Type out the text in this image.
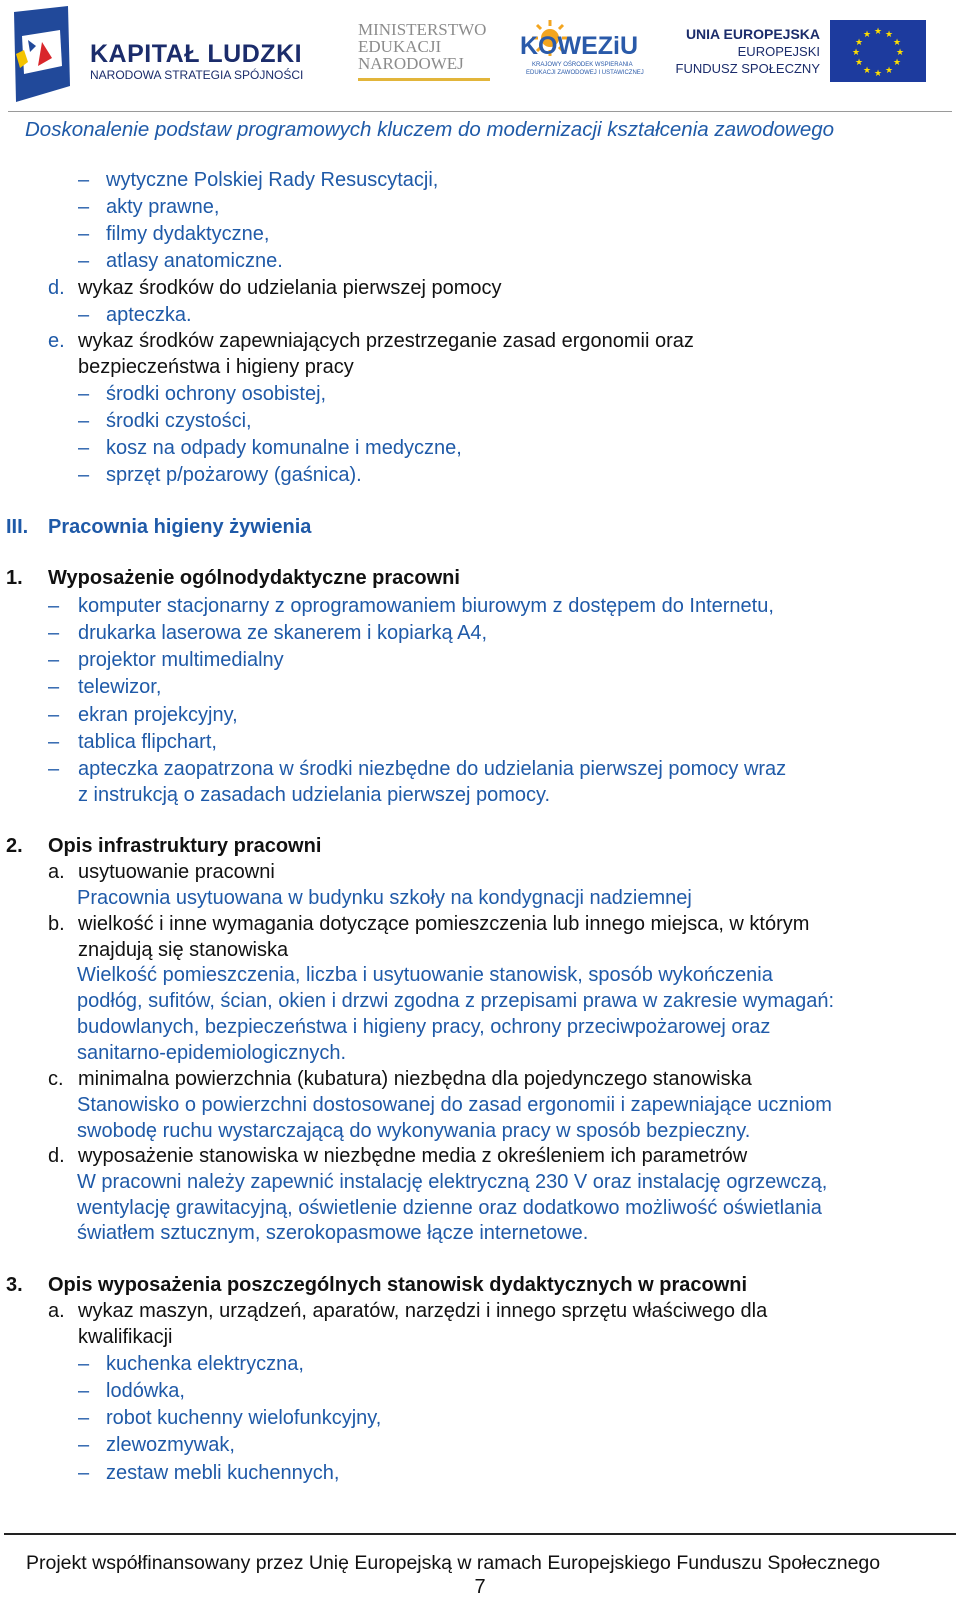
KAPITAŁ LUDZKI
NARODOWA STRATEGIA SPÓJNOŚCI
MINISTERSTWO
EDUKACJI
NARODOWEJ
KOWEZiU
KRAJOWY OŚRODEK WSPIERANIA
EDUKACJI ZAWODOWEJ I USTAWICZNEJ
UNIA EUROPEJSKA
EUROPEJSKI
FUNDUSZ SPOŁECZNY
★ ★
★
★
★
★
★
★
★
★
★
★
Doskonalenie podstaw programowych kluczem do modernizacji kształcenia zawodowego
– wytyczne Polskiej Rady Resuscytacji,
– akty prawne,
– filmy dydaktyczne,
– atlasy anatomiczne.
d. wykaz środków do udzielania pierwszej pomocy
– apteczka.
e. wykaz środków zapewniających przestrzeganie zasad ergonomii oraz
bezpieczeństwa i higieny pracy
– środki ochrony osobistej,
– środki czystości,
– kosz na odpady komunalne i medyczne,
– sprzęt p/pożarowy (gaśnica).
III. Pracownia higieny żywienia
1. Wyposażenie ogólnodydaktyczne pracowni
– komputer stacjonarny z oprogramowaniem biurowym z dostępem do Internetu,
– drukarka laserowa ze skanerem i kopiarką A4,
– projektor multimedialny
– telewizor,
– ekran projekcyjny,
– tablica flipchart,
– apteczka zaopatrzona w środki niezbędne do udzielania pierwszej pomocy wraz
z instrukcją o zasadach udzielania pierwszej pomocy.
2. Opis infrastruktury pracowni
a. usytuowanie pracowni
Pracownia usytuowana w budynku szkoły na kondygnacji nadziemnej
b. wielkość i inne wymagania dotyczące pomieszczenia lub innego miejsca, w którym
znajdują się stanowiska
Wielkość pomieszczenia, liczba i usytuowanie stanowisk, sposób wykończenia
podłóg, sufitów, ścian, okien i drzwi zgodna z przepisami prawa w zakresie wymagań:
budowlanych, bezpieczeństwa i higieny pracy, ochrony przeciwpożarowej oraz
sanitarno-epidemiologicznych.
c. minimalna powierzchnia (kubatura) niezbędna dla pojedynczego stanowiska
Stanowisko o powierzchni dostosowanej do zasad ergonomii i zapewniające uczniom
swobodę ruchu wystarczającą do wykonywania pracy w sposób bezpieczny.
d. wyposażenie stanowiska w niezbędne media z określeniem ich parametrów
W pracowni należy zapewnić instalację elektryczną 230 V oraz instalację ogrzewczą,
wentylację grawitacyjną, oświetlenie dzienne oraz dodatkowo możliwość oświetlania
światłem sztucznym, szerokopasmowe łącze internetowe.
3. Opis wyposażenia poszczególnych stanowisk dydaktycznych w pracowni
a. wykaz maszyn, urządzeń, aparatów, narzędzi i innego sprzętu właściwego dla
kwalifikacji
– kuchenka elektryczna,
– lodówka,
– robot kuchenny wielofunkcyjny,
– zlewozmywak,
– zestaw mebli kuchennych,
Projekt współfinansowany przez Unię Europejską w ramach Europejskiego Funduszu Społecznego
7
